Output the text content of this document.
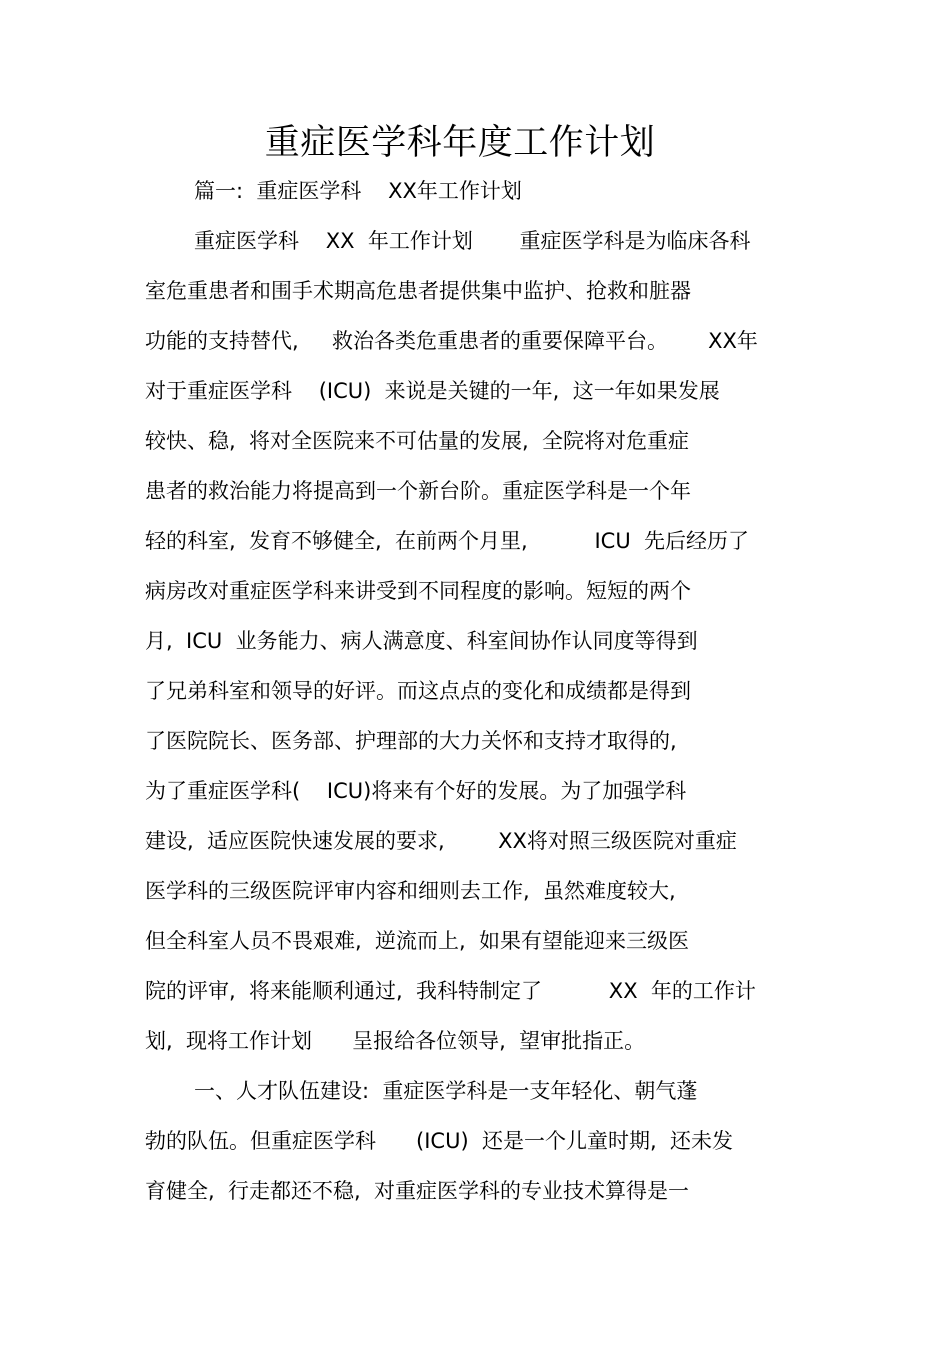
重症医学科年度工作计划
篇一:  重症医学科    XX年工作计划
重症医学科    XX  年工作计划       重症医学科是为临床各科
室危重患者和围手术期高危患者提供集中监护、抢救和脏器
功能的支持替代,     救治各类危重患者的重要保障平台。      XX年
对于重症医学科    (ICU)  来说是关键的一年,  这一年如果发展
较快、稳,  将对全医院来不可估量的发展,  全院将对危重症
患者的救治能力将提高到一个新台阶。重症医学科是一个年
轻的科室,  发育不够健全,  在前两个月里,          ICU  先后经历了
病房改对重症医学科来讲受到不同程度的影响。短短的两个
月,  ICU  业务能力、病人满意度、科室间协作认同度等得到
了兄弟科室和领导的好评。而这点点的变化和成绩都是得到
了医院院长、医务部、护理部的大力关怀和支持才取得的,
为了重症医学科(    ICU)将来有个好的发展。为了加强学科
建设,  适应医院快速发展的要求,        XX将对照三级医院对重症
医学科的三级医院评审内容和细则去工作,  虽然难度较大,
但全科室人员不畏艰难,  逆流而上,  如果有望能迎来三级医
院的评审,  将来能顺利通过,  我科特制定了          XX  年的工作计
划,  现将工作计划      呈报给各位领导,  望审批指正。
一、人才队伍建设:  重症医学科是一支年轻化、朝气蓬
勃的队伍。但重症医学科      (ICU)  还是一个儿童时期,  还未发
育健全,  行走都还不稳,  对重症医学科的专业技术算得是一
